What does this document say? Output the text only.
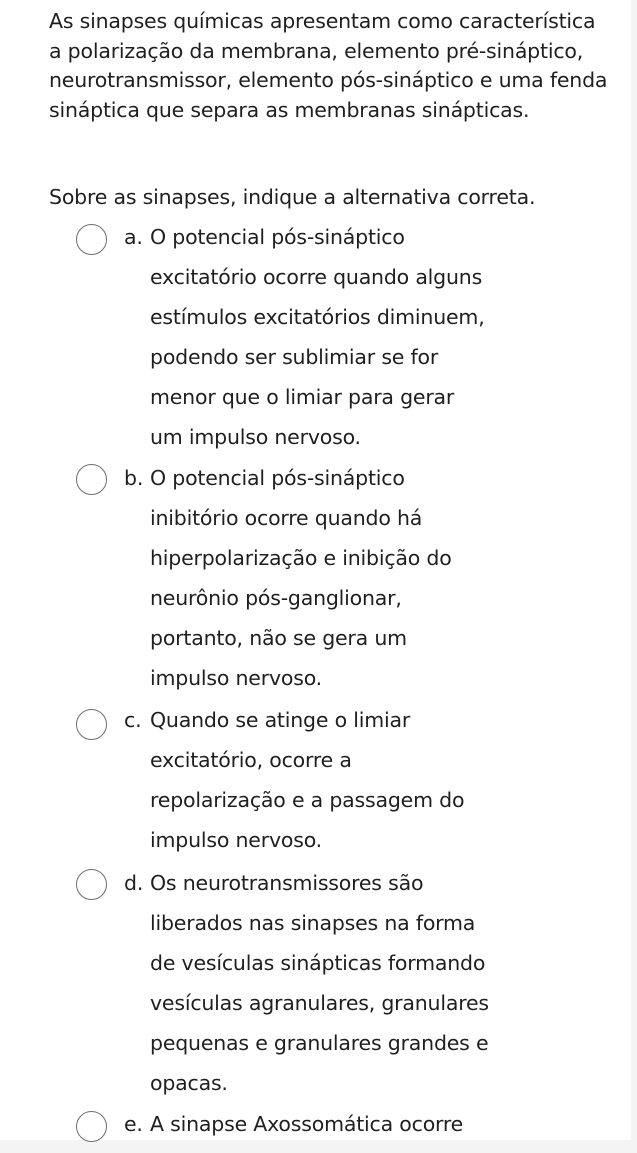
As sinapses químicas apresentam como característica a polarização da membrana, elemento pré-sináptico, neurotransmissor, elemento pós-sináptico e uma fenda sináptica que separa as membranas sinápticas.
Sobre as sinapses, indique a alternativa correta.
a. O potencial pós-sináptico
excitatório ocorre quando alguns
estímulos excitatórios diminuem,
podendo ser sublimiar se for
menor que o limiar para gerar
um impulso nervoso.
b. O potencial pós-sináptico
inibitório ocorre quando há
hiperpolarização e inibição do
neurônio pós-ganglionar,
portanto, não se gera um
impulso nervoso.
c. Quando se atinge o limiar
excitatório, ocorre a
repolarização e a passagem do
impulso nervoso.
d. Os neurotransmissores são
liberados nas sinapses na forma
de vesículas sinápticas formando
vesículas agranulares, granulares
pequenas e granulares grandes e
opacas.
e. A sinapse Axossomática ocorre
